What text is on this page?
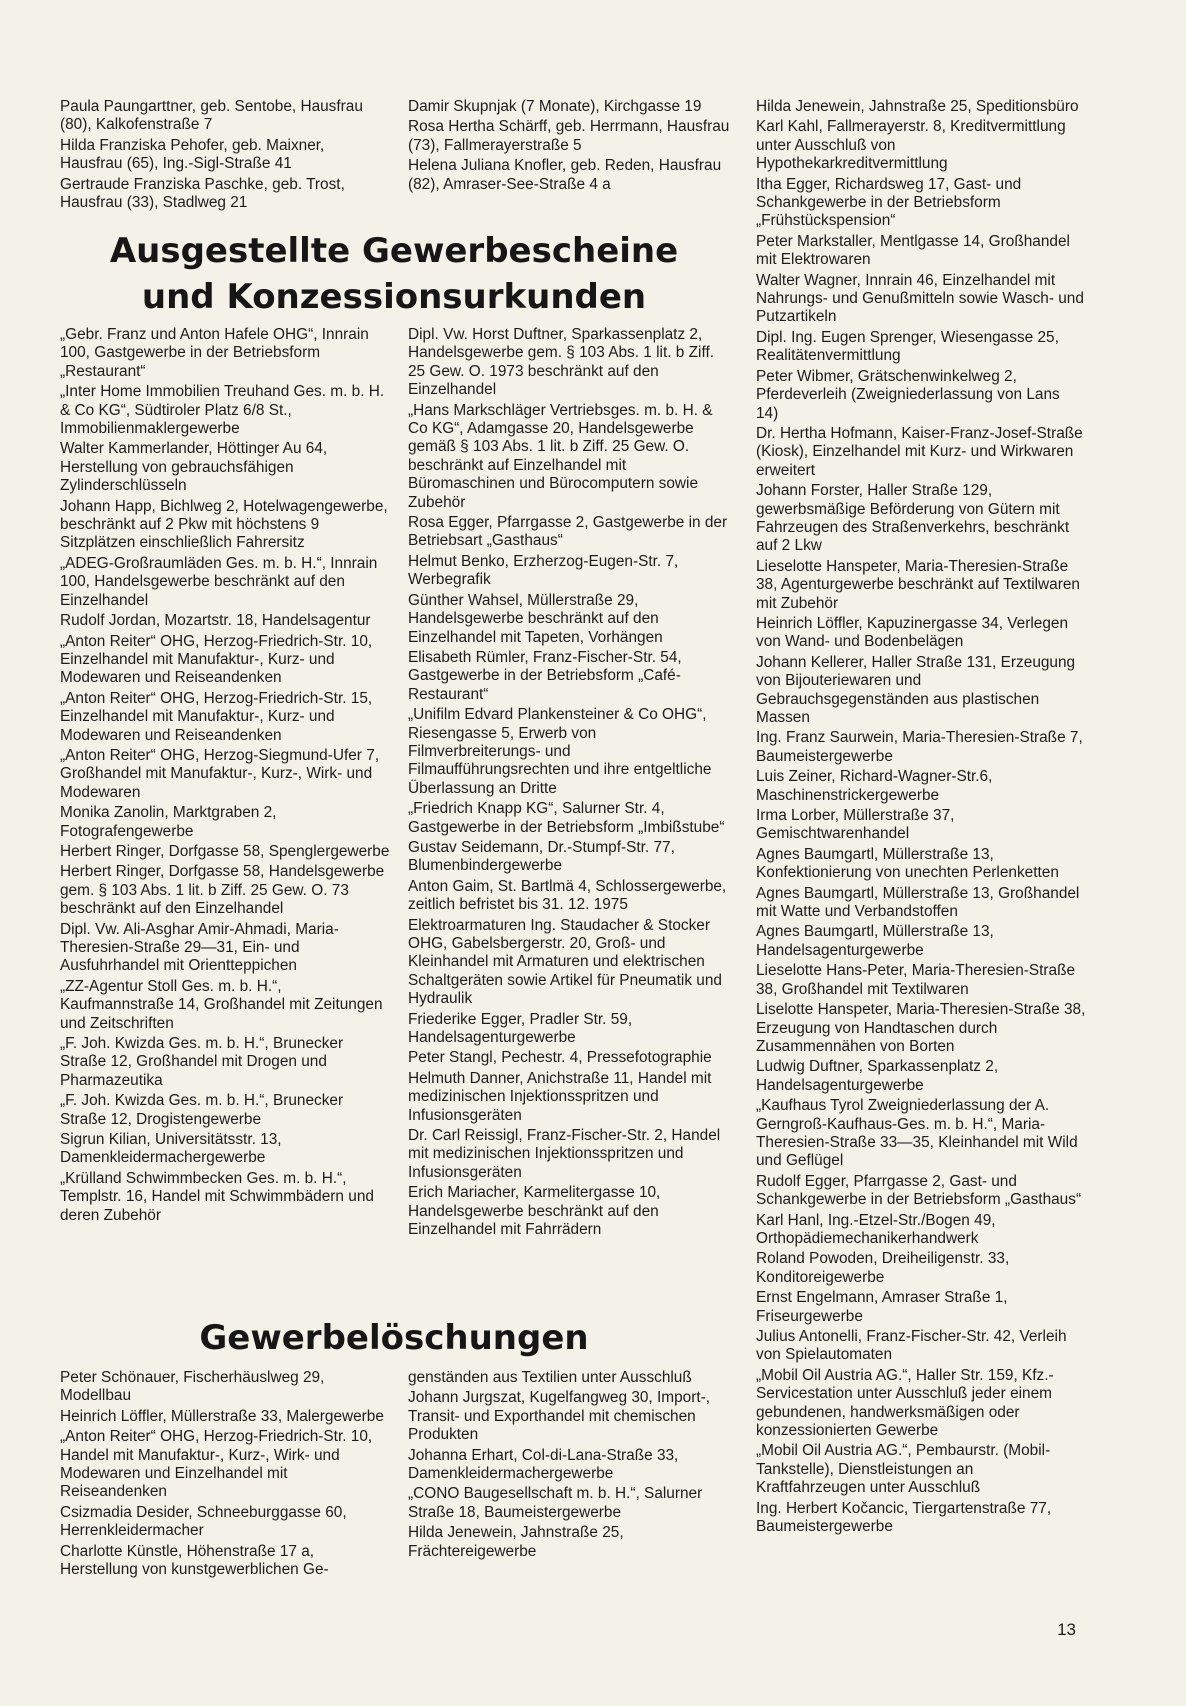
Paula Paungarttner, geb. Sentobe, Hausfrau (80), Kalkofenstraße 7
Hilda Franziska Pehofer, geb. Maixner, Hausfrau (65), Ing.-Sigl-Straße 41
Gertraude Franziska Paschke, geb. Trost, Hausfrau (33), Stadlweg 21
Damir Skupnjak (7 Monate), Kirchgasse 19
Rosa Hertha Schärff, geb. Herrmann, Hausfrau (73), Fallmerayerstraße 5
Helena Juliana Knofler, geb. Reden, Hausfrau (82), Amraser-See-Straße 4 a
Ausgestellte Gewerbescheine
und Konzessionsurkunden
„Gebr. Franz und Anton Hafele OHG“, Innrain 100, Gastgewerbe in der Betriebsform „Restaurant“
„Inter Home Immobilien Treuhand Ges. m. b. H. & Co KG“, Südtiroler Platz 6/8 St., Immobilienmaklergewerbe
Walter Kammerlander, Höttinger Au 64, Herstellung von gebrauchsfähigen Zylinderschlüsseln
Johann Happ, Bichlweg 2, Hotelwagengewerbe, beschränkt auf 2 Pkw mit höchstens 9 Sitzplätzen einschließlich Fahrersitz
„ADEG-Großraumläden Ges. m. b. H.“, Innrain 100, Handelsgewerbe beschränkt auf den Einzelhandel
Rudolf Jordan, Mozartstr. 18, Handelsagentur
„Anton Reiter“ OHG, Herzog-Friedrich-Str. 10, Einzelhandel mit Manufaktur-, Kurz- und Modewaren und Reiseandenken
„Anton Reiter“ OHG, Herzog-Friedrich-Str. 15, Einzelhandel mit Manufaktur-, Kurz- und Modewaren und Reiseandenken
„Anton Reiter“ OHG, Herzog-Siegmund-Ufer 7, Großhandel mit Manufaktur-, Kurz-, Wirk- und Modewaren
Monika Zanolin, Marktgraben 2, Fotografengewerbe
Herbert Ringer, Dorfgasse 58, Spenglergewerbe
Herbert Ringer, Dorfgasse 58, Handelsgewerbe gem. § 103 Abs. 1 lit. b Ziff. 25 Gew. O. 73 beschränkt auf den Einzelhandel
Dipl. Vw. Ali-Asghar Amir-Ahmadi, Maria-Theresien-Straße 29—31, Ein- und Ausfuhrhandel mit Orientteppichen
„ZZ-Agentur Stoll Ges. m. b. H.“, Kaufmannstraße 14, Großhandel mit Zeitungen und Zeitschriften
„F. Joh. Kwizda Ges. m. b. H.“, Brunecker Straße 12, Großhandel mit Drogen und Pharmazeutika
„F. Joh. Kwizda Ges. m. b. H.“, Brunecker Straße 12, Drogistengewerbe
Sigrun Kilian, Universitätsstr. 13, Damenkleidermachergewerbe
„Krülland Schwimmbecken Ges. m. b. H.“, Templstr. 16, Handel mit Schwimmbädern und deren Zubehör
Dipl. Vw. Horst Duftner, Sparkassenplatz 2, Handelsgewerbe gem. § 103 Abs. 1 lit. b Ziff. 25 Gew. O. 1973 beschränkt auf den Einzelhandel
„Hans Markschläger Vertriebsges. m. b. H. & Co KG“, Adamgasse 20, Handelsgewerbe gemäß § 103 Abs. 1 lit. b Ziff. 25 Gew. O. beschränkt auf Einzelhandel mit Büromaschinen und Bürocomputern sowie Zubehör
Rosa Egger, Pfarrgasse 2, Gastgewerbe in der Betriebsart „Gasthaus“
Helmut Benko, Erzherzog-Eugen-Str. 7, Werbegrafik
Günther Wahsel, Müllerstraße 29, Handelsgewerbe beschränkt auf den Einzelhandel mit Tapeten, Vorhängen
Elisabeth Rümler, Franz-Fischer-Str. 54, Gastgewerbe in der Betriebsform „Café-Restaurant“
„Unifilm Edvard Plankensteiner & Co OHG“, Riesengasse 5, Erwerb von Filmverbreiterungs- und Filmaufführungsrechten und ihre entgeltliche Überlassung an Dritte
„Friedrich Knapp KG“, Salurner Str. 4, Gastgewerbe in der Betriebsform „Imbißstube“
Gustav Seidemann, Dr.-Stumpf-Str. 77, Blumenbindergewerbe
Anton Gaim, St. Bartlmä 4, Schlossergewerbe, zeitlich befristet bis 31. 12. 1975
Elektroarmaturen Ing. Staudacher & Stocker OHG, Gabelsbergerstr. 20, Groß- und Kleinhandel mit Armaturen und elektrischen Schaltgeräten sowie Artikel für Pneumatik und Hydraulik
Friederike Egger, Pradler Str. 59, Handelsagenturgewerbe
Peter Stangl, Pechestr. 4, Pressefotographie
Helmuth Danner, Anichstraße 11, Handel mit medizinischen Injektionsspritzen und Infusionsgeräten
Dr. Carl Reissigl, Franz-Fischer-Str. 2, Handel mit medizinischen Injektionsspritzen und Infusionsgeräten
Erich Mariacher, Karmelitergasse 10, Handelsgewerbe beschränkt auf den Einzelhandel mit Fahrrädern
Gewerbelöschungen
Peter Schönauer, Fischerhäuslweg 29, Modellbau
Heinrich Löffler, Müllerstraße 33, Malergewerbe
„Anton Reiter“ OHG, Herzog-Friedrich-Str. 10, Handel mit Manufaktur-, Kurz-, Wirk- und Modewaren und Einzelhandel mit Reiseandenken
Csizmadia Desider, Schneeburggasse 60, Herrenkleidermacher
Charlotte Künstle, Höhenstraße 17 a, Herstellung von kunstgewerblichen Ge-
genständen aus Textilien unter Ausschluß
Johann Jurgszat, Kugelfangweg 30, Import-, Transit- und Exporthandel mit chemischen Produkten
Johanna Erhart, Col-di-Lana-Straße 33, Damenkleidermachergewerbe
„CONO Baugesellschaft m. b. H.“, Salurner Straße 18, Baumeistergewerbe
Hilda Jenewein, Jahnstraße 25, Frächtereigewerbe
Hilda Jenewein, Jahnstraße 25, Speditionsbüro
Karl Kahl, Fallmerayerstr. 8, Kreditvermittlung unter Ausschluß von Hypothekarkreditvermittlung
Itha Egger, Richardsweg 17, Gast- und Schankgewerbe in der Betriebsform „Frühstückspension“
Peter Markstaller, Mentlgasse 14, Großhandel mit Elektrowaren
Walter Wagner, Innrain 46, Einzelhandel mit Nahrungs- und Genußmitteln sowie Wasch- und Putzartikeln
Dipl. Ing. Eugen Sprenger, Wiesengasse 25, Realitätenvermittlung
Peter Wibmer, Grätschenwinkelweg 2, Pferdeverleih (Zweigniederlassung von Lans 14)
Dr. Hertha Hofmann, Kaiser-Franz-Josef-Straße (Kiosk), Einzelhandel mit Kurz- und Wirkwaren erweitert
Johann Forster, Haller Straße 129, gewerbsmäßige Beförderung von Gütern mit Fahrzeugen des Straßenverkehrs, beschränkt auf 2 Lkw
Lieselotte Hanspeter, Maria-Theresien-Straße 38, Agenturgewerbe beschränkt auf Textilwaren mit Zubehör
Heinrich Löffler, Kapuzinergasse 34, Verlegen von Wand- und Bodenbelägen
Johann Kellerer, Haller Straße 131, Erzeugung von Bijouteriewaren und Gebrauchsgegenständen aus plastischen Massen
Ing. Franz Saurwein, Maria-Theresien-Straße 7, Baumeistergewerbe
Luis Zeiner, Richard-Wagner-Str.6, Maschinenstrickergewerbe
Irma Lorber, Müllerstraße 37, Gemischtwarenhandel
Agnes Baumgartl, Müllerstraße 13, Konfektionierung von unechten Perlenketten
Agnes Baumgartl, Müllerstraße 13, Großhandel mit Watte und Verbandstoffen
Agnes Baumgartl, Müllerstraße 13, Handelsagenturgewerbe
Lieselotte Hans-Peter, Maria-Theresien-Straße 38, Großhandel mit Textilwaren
Liselotte Hanspeter, Maria-Theresien-Straße 38, Erzeugung von Handtaschen durch Zusammennähen von Borten
Ludwig Duftner, Sparkassenplatz 2, Handelsagenturgewerbe
„Kaufhaus Tyrol Zweigniederlassung der A. Gerngroß-Kaufhaus-Ges. m. b. H.“, Maria-Theresien-Straße 33—35, Kleinhandel mit Wild und Geflügel
Rudolf Egger, Pfarrgasse 2, Gast- und Schankgewerbe in der Betriebsform „Gasthaus“
Karl Hanl, Ing.-Etzel-Str./Bogen 49, Orthopädiemechanikerhandwerk
Roland Powoden, Dreiheiligenstr. 33, Konditoreigewerbe
Ernst Engelmann, Amraser Straße 1, Friseurgewerbe
Julius Antonelli, Franz-Fischer-Str. 42, Verleih von Spielautomaten
„Mobil Oil Austria AG.“, Haller Str. 159, Kfz.-Servicestation unter Ausschluß jeder einem gebundenen, handwerksmäßigen oder konzessionierten Gewerbe
„Mobil Oil Austria AG.“, Pembaurstr. (Mobil-Tankstelle), Dienstleistungen an Kraftfahrzeugen unter Ausschluß
Ing. Herbert Kočancic, Tiergartenstraße 77, Baumeistergewerbe
13
